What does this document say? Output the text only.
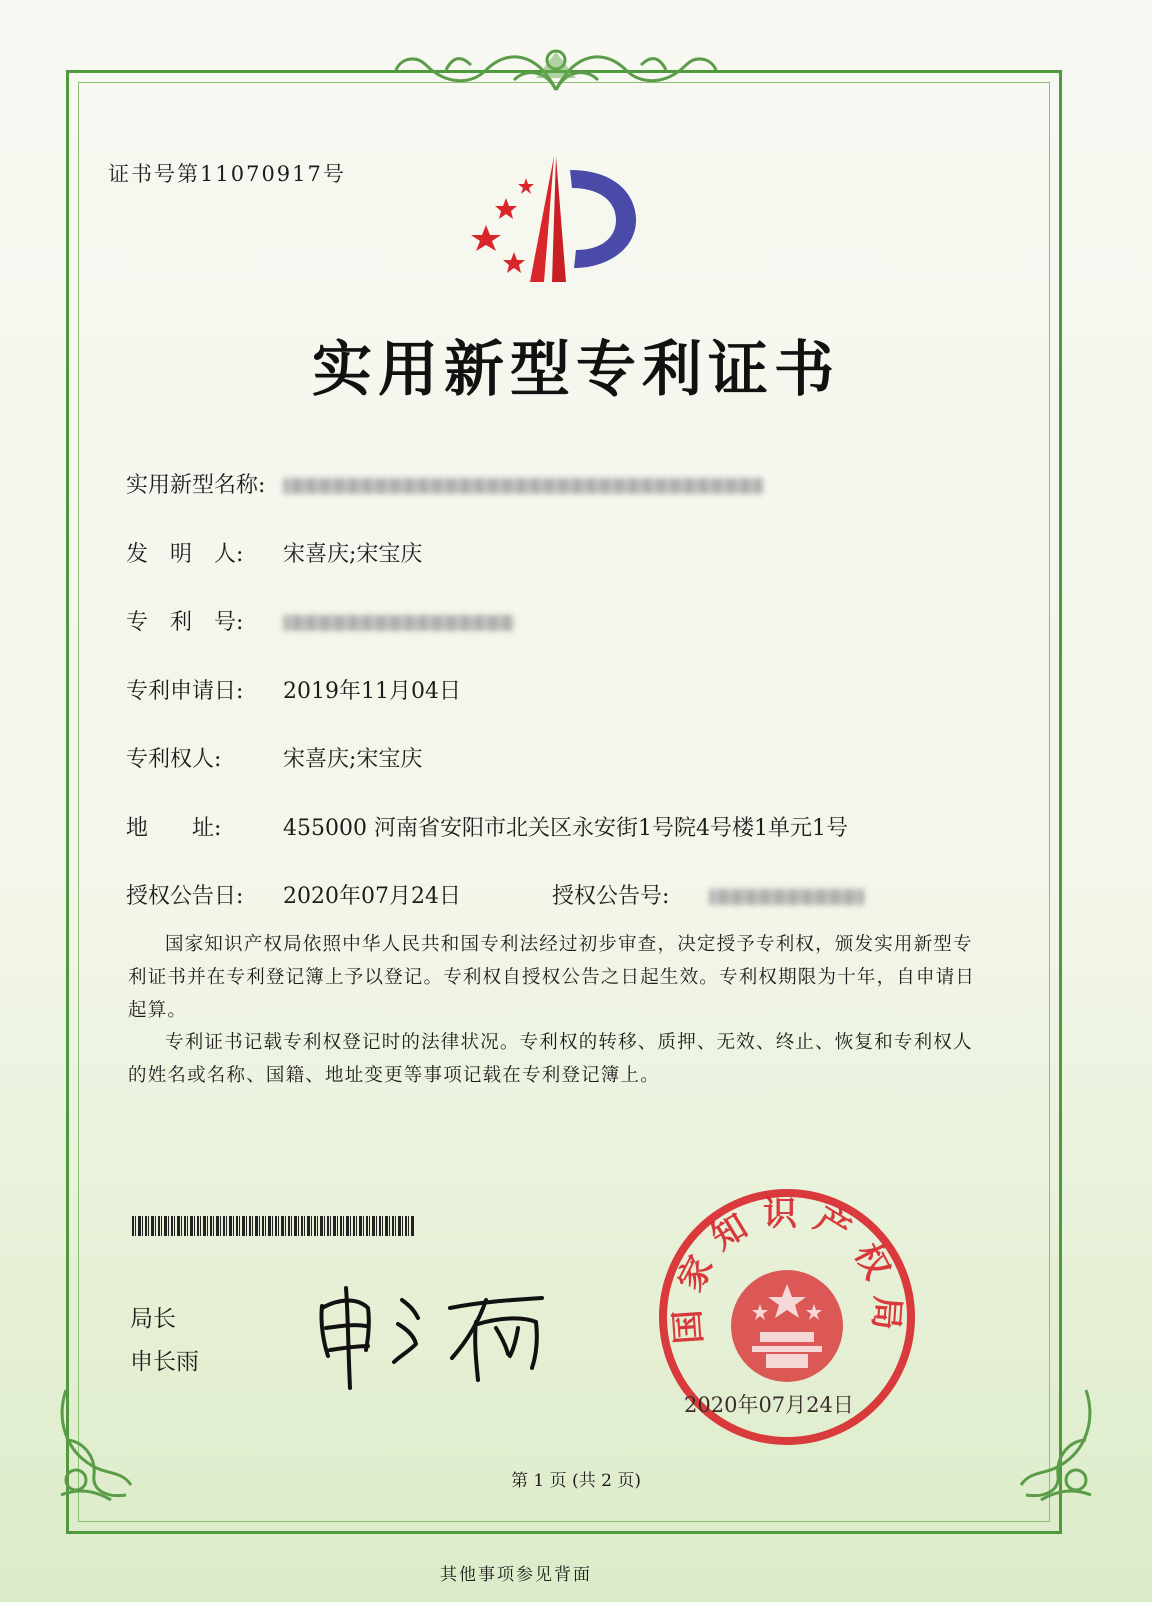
证书号第11070917号
实用新型专利证书
实用新型名称:
发　明　人: 宋喜庆;宋宝庆
专　利　号:
专利申请日: 2019年11月04日
专利权人:	宋喜庆;宋宝庆
地　　址:	455000 河南省安阳市北关区永安街1号院4号楼1单元1号
授权公告日: 2020年07月24日	授权公告号:
国家知识产权局依照中华人民共和国专利法经过初步审查，决定授予专利权，颁发实用新型专利证书并在专利登记簿上予以登记。专利权自授权公告之日起生效。专利权期限为十年，自申请日起算。
专利证书记载专利权登记时的法律状况。专利权的转移、质押、无效、终止、恢复和专利权人的姓名或名称、国籍、地址变更等事项记载在专利登记簿上。
局长
申长雨
国家知识产权局
2020年07月24日
第 1 页 (共 2 页)
其他事项参见背面
